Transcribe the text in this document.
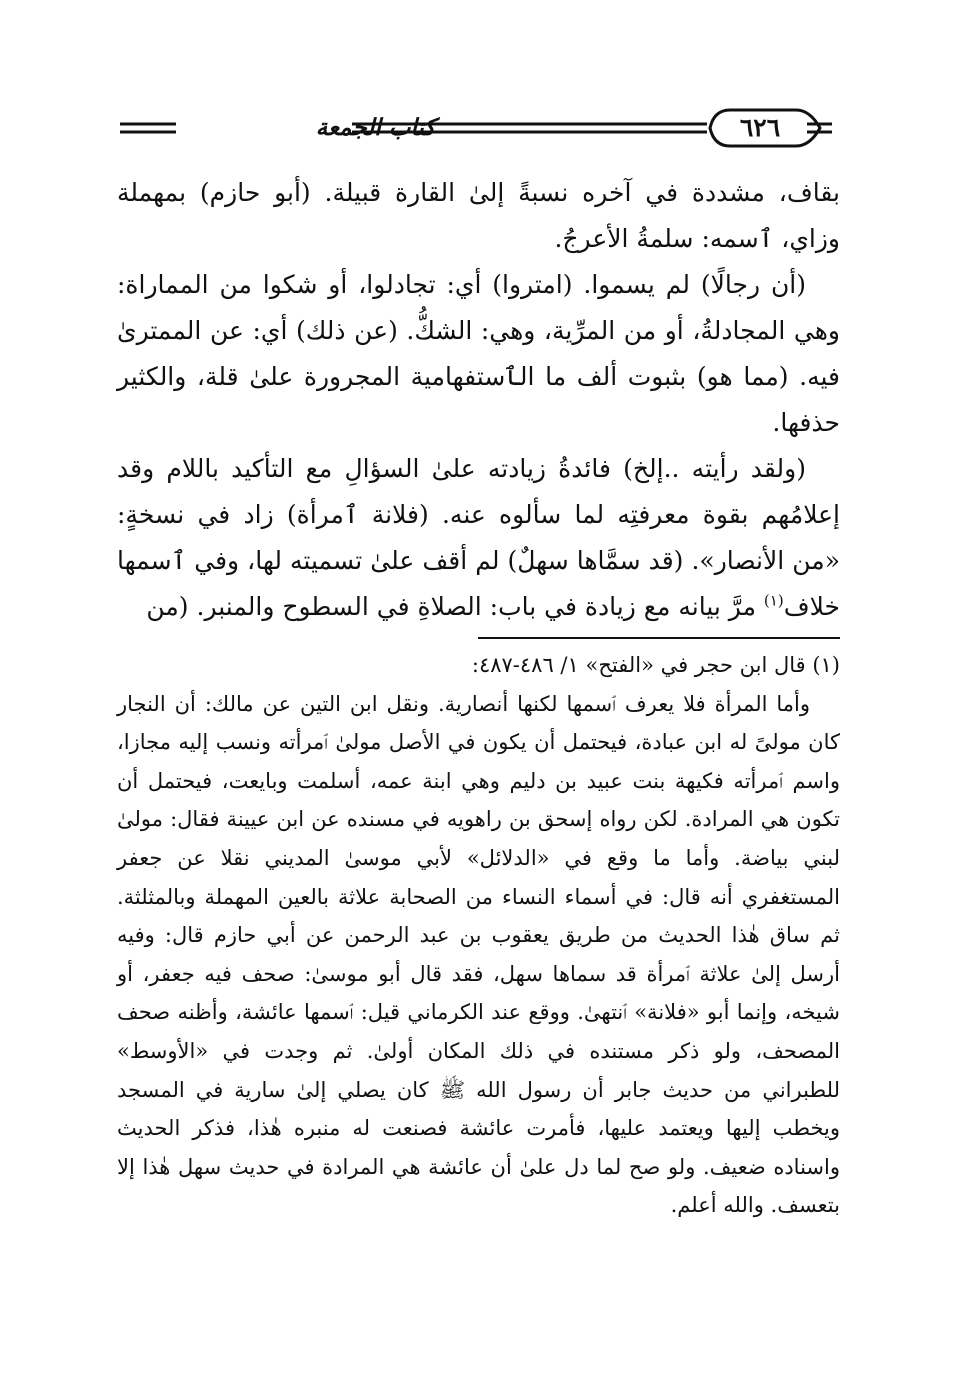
٦٢٦
كتاب الجمعة

بقاف، مشددة في آخره نسبةً إلىٰ القارة قبيلة. (أبو حازم) بمهملة وزاي، ٱسمه: سلمةُ الأعرجُ.

(أن رجالًا) لم يسموا. (امتروا) أي: تجادلوا، أو شكوا من المماراة: وهي المجادلةُ، أو من المرِّية، وهي: الشكُّ. (عن ذلك) أي: عن الممترىٰ فيه. (مما هو) بثبوت ألف ما الٱستفهامية المجرورة علىٰ قلة، والكثير حذفها.

(ولقد رأيته ..إلخ) فائدةُ زيادته علىٰ السؤالِ مع التأكيد باللام وقد إعلامُهم بقوة معرفتِه لما سألوه عنه. (فلانة ٱمرأة) زاد في نسخةٍ: «من الأنصار». (قد سمَّاها سهلٌ) لم أقف علىٰ تسميته لها، وفي ٱسمها خلاف$^{(١)}$ مرَّ بيانه مع زيادة في باب: الصلاةِ في السطوح والمنبر. (من

(١) قال ابن حجر في «الفتح» ١/ ٤٨٦-٤٨٧:

وأما المرأة فلا يعرف ٱسمها لكنها أنصارية. ونقل ابن التين عن مالك: أن النجار كان مولىً له ابن عبادة، فيحتمل أن يكون في الأصل مولىٰ ٱمرأته ونسب إليه مجازا، واسم ٱمرأته فكيهة بنت عبيد بن دليم وهي ابنة عمه، أسلمت وبايعت، فيحتمل أن تكون هي المرادة. لكن رواه إسحق بن راهويه في مسنده عن ابن عيينة فقال: مولىٰ لبني بياضة. وأما ما وقع في «الدلائل» لأبي موسىٰ المديني نقلا عن جعفر المستغفري أنه قال: في أسماء النساء من الصحابة علاثة بالعين المهملة وبالمثلثة. ثم ساق هٰذا الحديث من طريق يعقوب بن عبد الرحمن عن أبي حازم قال: وفيه أرسل إلىٰ علاثة ٱمرأة قد سماها سهل، فقد قال أبو موسىٰ: صحف فيه جعفر، أو شيخه، وإنما أبو «فلانة» ٱنتهىٰ. ووقع عند الكرماني قيل: ٱسمها عائشة، وأظنه صحف المصحف، ولو ذكر مستنده في ذلك المكان أولىٰ. ثم وجدت في «الأوسط» للطبراني من حديث جابر أن رسول الله ﷺ كان يصلي إلىٰ سارية في المسجد ويخطب إليها ويعتمد عليها، فأمرت عائشة فصنعت له منبره هٰذا، فذكر الحديث واسناده ضعيف. ولو صح لما دل علىٰ أن عائشة هي المرادة في حديث سهل هٰذا إلا بتعسف. والله أعلم.
